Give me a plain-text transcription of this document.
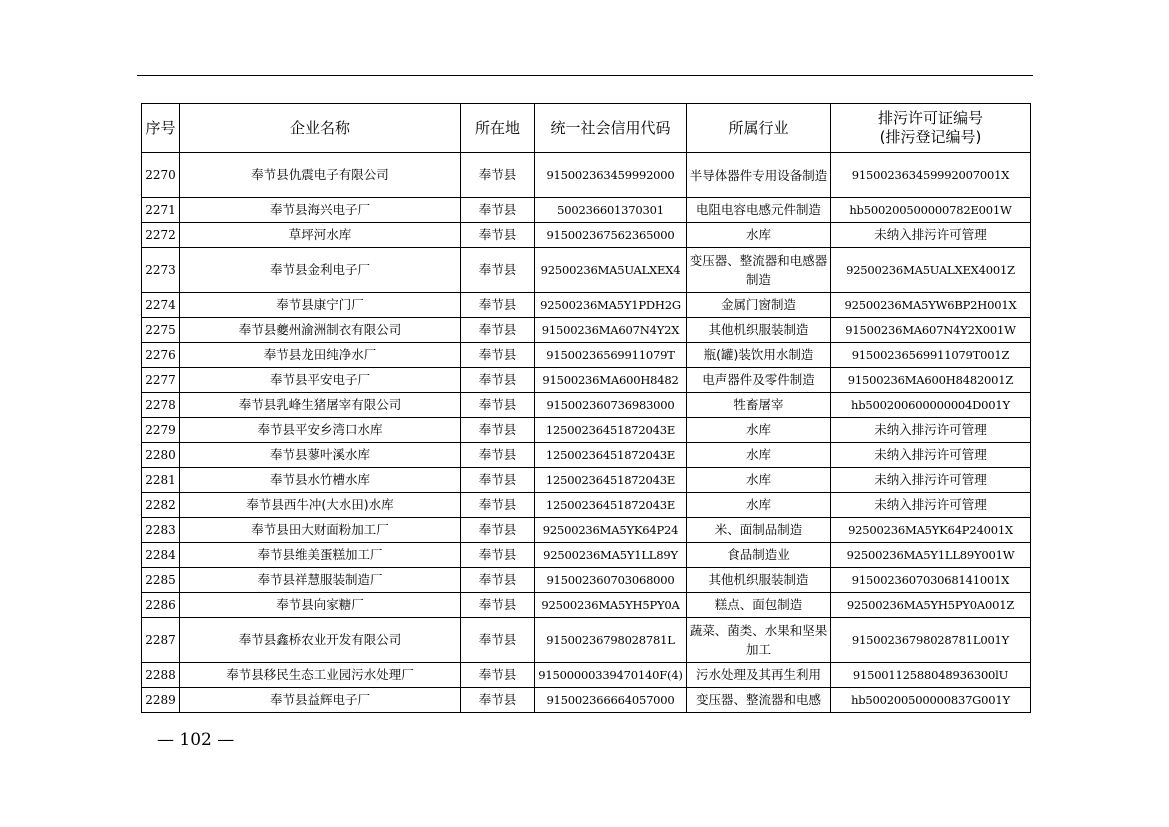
序号	企业名称	所在地	统一社会信用代码	所属行业	排污许可证编号
(排污登记编号)
2270	奉节县仇震电子有限公司	奉节县	915002363459992000	半导体器件专用设备制造	915002363459992007001X
2271	奉节县海兴电子厂	奉节县	500236601370301	电阻电容电感元件制造	hb500200500000782E001W
2272	草坪河水库	奉节县	915002367562365000	水库	未纳入排污许可管理
2273	奉节县金利电子厂	奉节县	92500236MA5UALXEX4	变压器、整流器和电感器制造	92500236MA5UALXEX4001Z
2274	奉节县康宁门厂	奉节县	92500236MA5Y1PDH2G	金属门窗制造	92500236MA5YW6BP2H001X
2275	奉节县夔州渝洲制衣有限公司	奉节县	91500236MA607N4Y2X	其他机织服装制造	91500236MA607N4Y2X001W
2276	奉节县龙田纯净水厂	奉节县	91500236569911079T	瓶(罐)装饮用水制造	91500236569911079T001Z
2277	奉节县平安电子厂	奉节县	91500236MA600H8482	电声器件及零件制造	91500236MA600H8482001Z
2278	奉节县乳峰生猪屠宰有限公司	奉节县	915002360736983000	牲畜屠宰	hb500200600000004D001Y
2279	奉节县平安乡湾口水库	奉节县	12500236451872043E	水库	未纳入排污许可管理
2280	奉节县蓼叶溪水库	奉节县	12500236451872043E	水库	未纳入排污许可管理
2281	奉节县水竹槽水库	奉节县	12500236451872043E	水库	未纳入排污许可管理
2282	奉节县西牛冲(大水田)水库	奉节县	12500236451872043E	水库	未纳入排污许可管理
2283	奉节县田大财面粉加工厂	奉节县	92500236MA5YK64P24	米、面制品制造	92500236MA5YK64P24001X
2284	奉节县维美蛋糕加工厂	奉节县	92500236MA5Y1LL89Y	食品制造业	92500236MA5Y1LL89Y001W
2285	奉节县祥慧服装制造厂	奉节县	915002360703068000	其他机织服装制造	915002360703068141001X
2286	奉节县向家糖厂	奉节县	92500236MA5YH5PY0A	糕点、面包制造	92500236MA5YH5PY0A001Z
2287	奉节县鑫桥农业开发有限公司	奉节县	91500236798028781L	蔬菜、菌类、水果和坚果加工	91500236798028781L001Y
2288	奉节县移民生态工业园污水处理厂	奉节县	91500000339470140F(4)	污水处理及其再生利用	91500112588048936300lU
2289	奉节县益辉电子厂	奉节县	915002366664057000	变压器、整流器和电感	hb500200500000837G001Y
— 102 —
